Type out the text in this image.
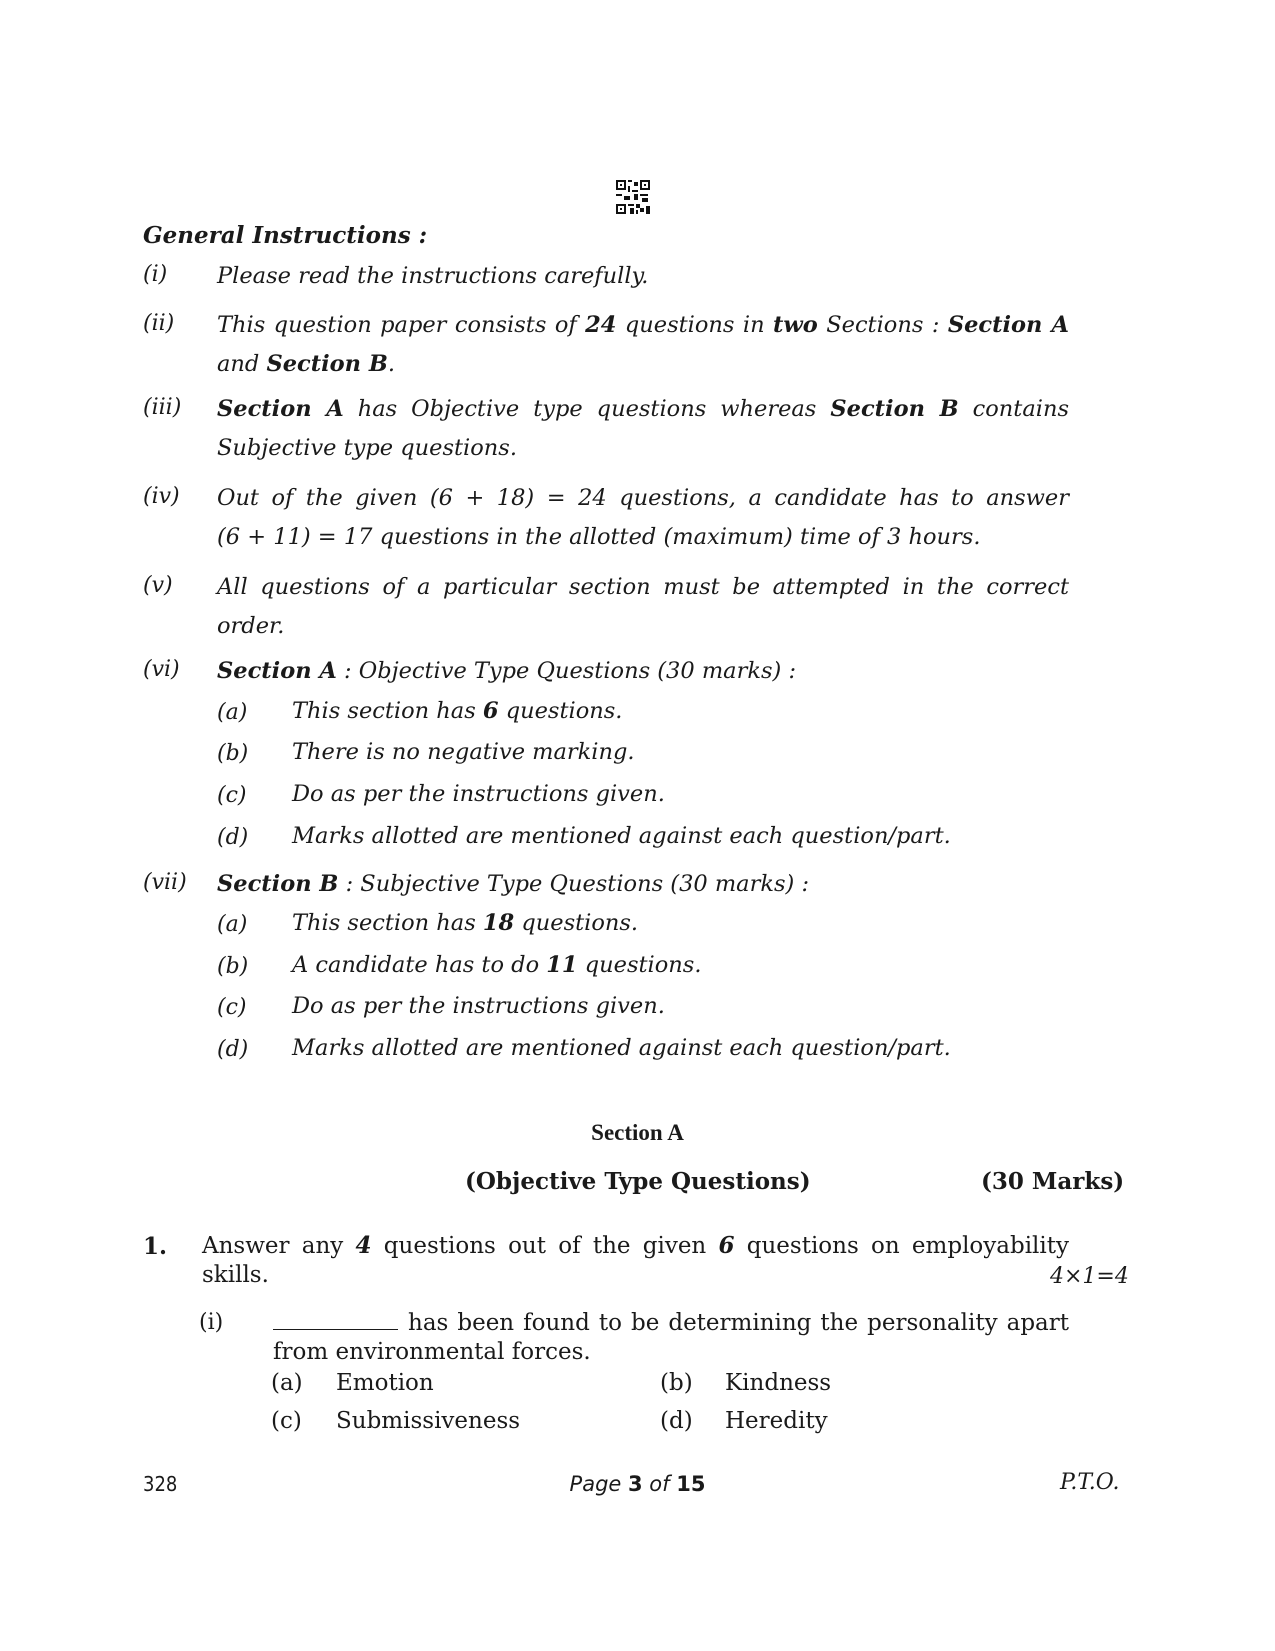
General Instructions :
(i) Please read the instructions carefully.
(ii) This question paper consists of 24 questions in two Sections : Section A
and Section B.
(iii) Section A has Objective type questions whereas Section B contains
Subjective type questions.
(iv) Out of the given (6 + 18) = 24 questions, a candidate has to answer
(6 + 11) = 17 questions in the allotted (maximum) time of 3 hours.
(v) All questions of a particular section must be attempted in the correct
order.
(vi) Section A : Objective Type Questions (30 marks) :
(a) This section has 6 questions.
(b) There is no negative marking.
(c) Do as per the instructions given.
(d) Marks allotted are mentioned against each question/part.
(vii) Section B : Subjective Type Questions (30 marks) :
(a) This section has 18 questions.
(b) A candidate has to do 11 questions.
(c) Do as per the instructions given.
(d) Marks allotted are mentioned against each question/part.
Section A
(Objective Type Questions)	(30 Marks)
1. Answer any 4 questions out of the given 6 questions on employability
skills.	4×1=4
(i)	has been found to be determining the personality apart
from environmental forces.
(a) Emotion	(b) Kindness
(c) Submissiveness	(d) Heredity
328	Page 3 of 15	P.T.O.
